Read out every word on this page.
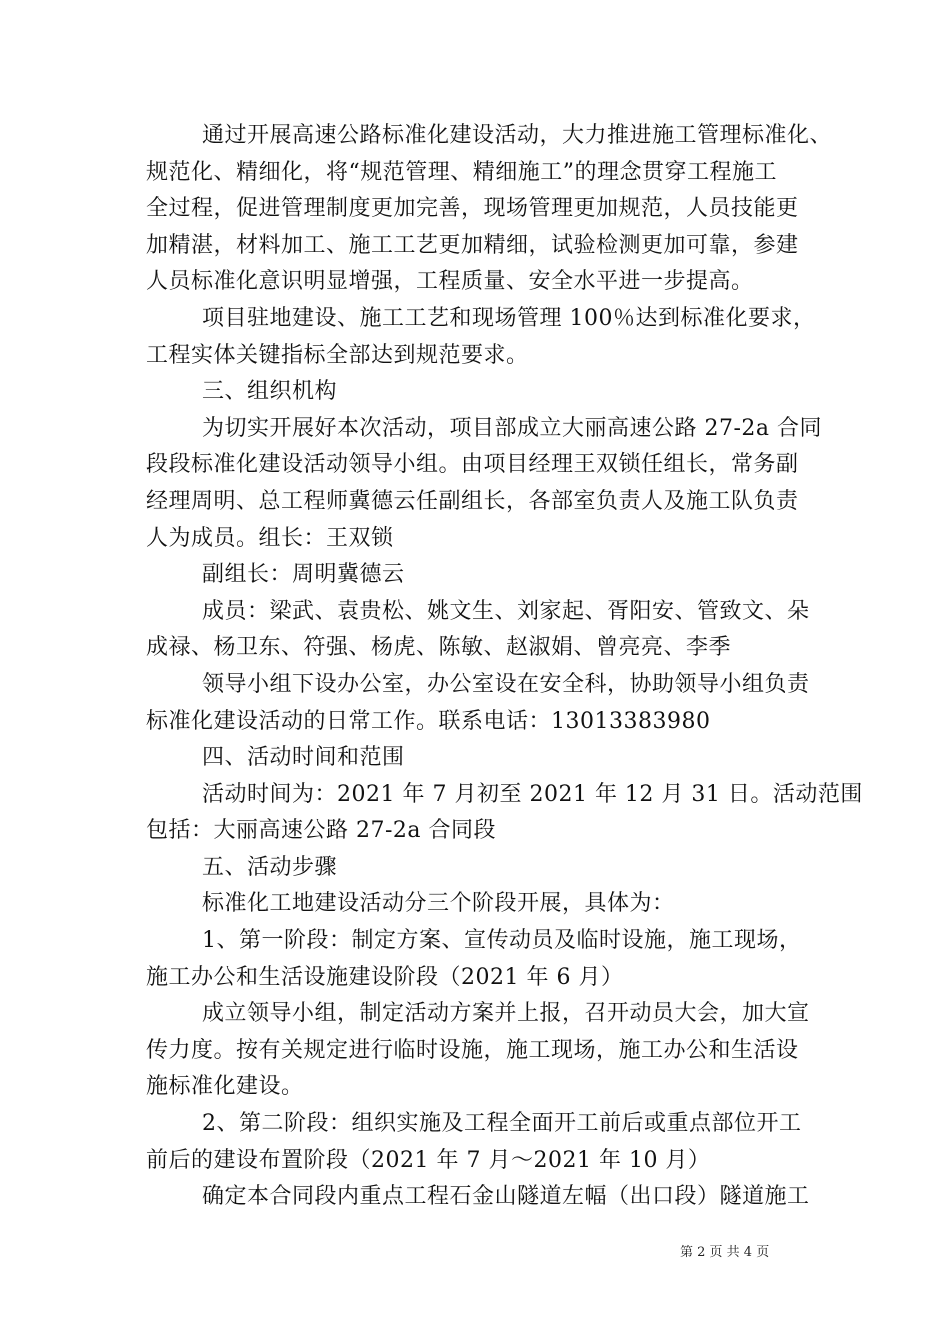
通过开展高速公路标准化建设活动，大力推进施工管理标准化、
规范化、精细化，将“规范管理、精细施工”的理念贯穿工程施工
全过程，促进管理制度更加完善，现场管理更加规范，人员技能更
加精湛，材料加工、施工工艺更加精细，试验检测更加可靠，参建
人员标准化意识明显增强，工程质量、安全水平进一步提高。
项目驻地建设、施工工艺和现场管理 100％达到标准化要求，
工程实体关键指标全部达到规范要求。
三、组织机构
为切实开展好本次活动，项目部成立大丽高速公路 27-2a 合同
段段标准化建设活动领导小组。由项目经理王双锁任组长，常务副
经理周明、总工程师冀德云任副组长，各部室负责人及施工队负责
人为成员。组长：王双锁
副组长：周明冀德云
成员：梁武、袁贵松、姚文生、刘家起、胥阳安、管致文、朵
成禄、杨卫东、符强、杨虎、陈敏、赵淑娟、曾亮亮、李季
领导小组下设办公室，办公室设在安全科，协助领导小组负责
标准化建设活动的日常工作。联系电话：13013383980
四、活动时间和范围
活动时间为：2021 年 7 月初至 2021 年 12 月 31 日。活动范围
包括：大丽高速公路 27-2a 合同段
五、活动步骤
标准化工地建设活动分三个阶段开展，具体为：
1、第一阶段：制定方案、宣传动员及临时设施，施工现场，
施工办公和生活设施建设阶段（2021 年 6 月）
成立领导小组，制定活动方案并上报，召开动员大会，加大宣
传力度。按有关规定进行临时设施，施工现场，施工办公和生活设
施标准化建设。
2、第二阶段：组织实施及工程全面开工前后或重点部位开工
前后的建设布置阶段（2021 年 7 月～2021 年 10 月）
确定本合同段内重点工程石金山隧道左幅（出口段）隧道施工
第 2 页 共 4 页
